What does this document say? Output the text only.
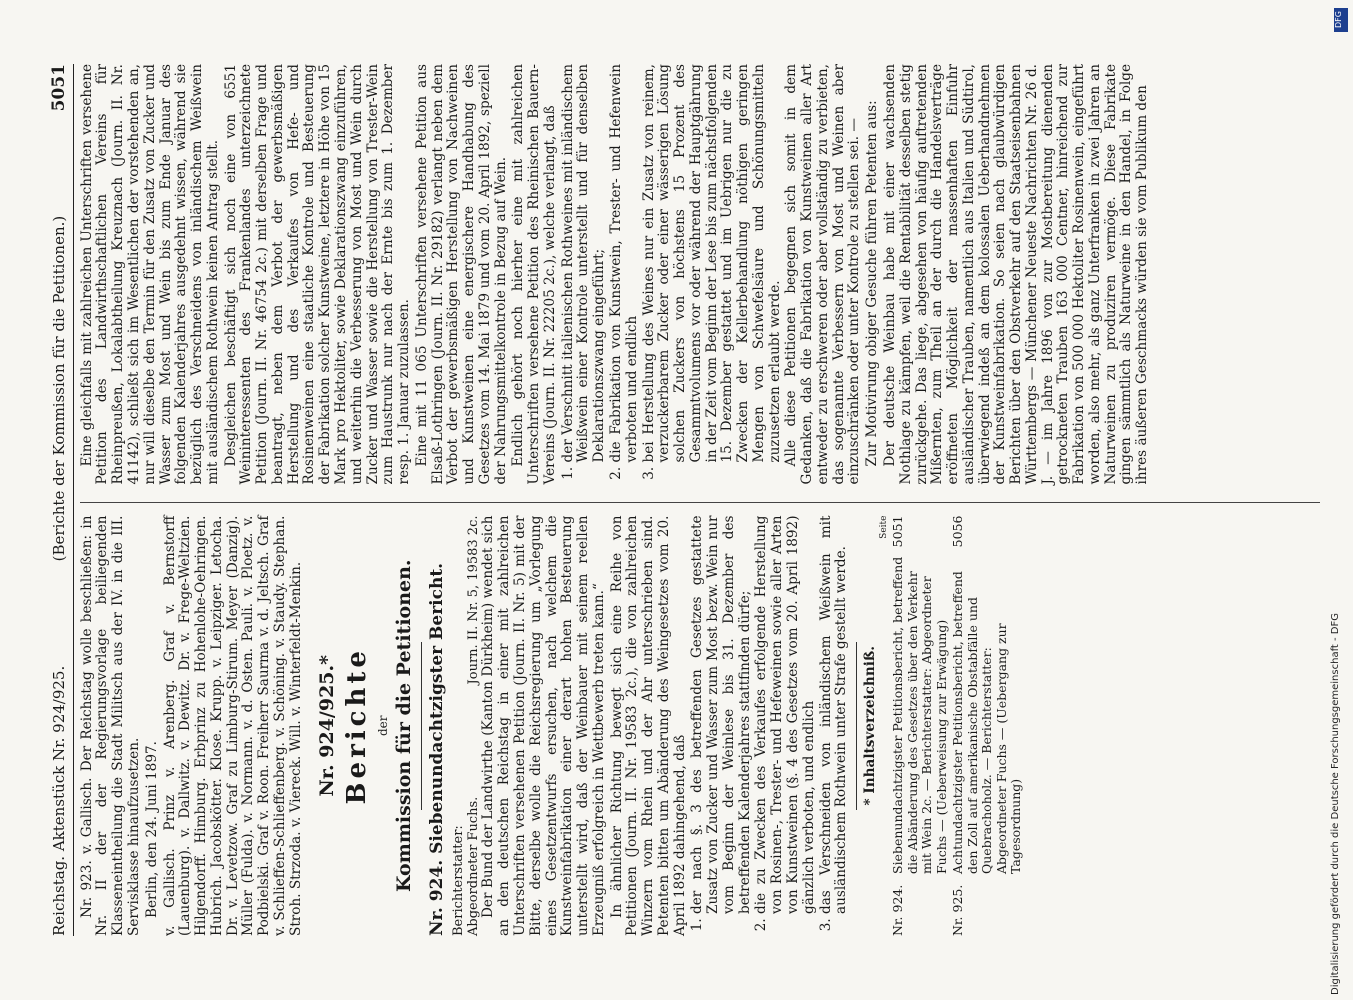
Reichstag. Aktenstück Nr. 924/925.
(Berichte der Kommission für die Petitionen.)
5051

Nr. 923. v. Gallisch. Der Reichstag wolle beschließen: in Nr. II der der Regierungsvorlage beiliegenden Klasseneintheilung die Stadt Militsch aus der IV. in die III. Servisklasse hinaufzusetzen. Berlin, den 24. Juni 1897. v. Gallisch. Prinz v. Arenberg. Graf v. Bernstorff (Lauenburg). v. Dallwitz. v. Dewitz. Dr. v. Frege-Weltzien. Hilgendorff. Himburg. Erbprinz zu Hohenlohe-Oehringen. Hubrich. Jacobskötter. Klose. Krupp. v. Leipziger. Letocha. Dr. v. Levetzow. Graf zu Limburg-Stirum. Meyer (Danzig). Müller (Fulda). v. Normann. v. d. Osten. Pauli. v. Ploetz. v. Podbielski. Graf v. Roon. Freiherr Saurma v. d. Jeltsch. Graf v. Schlieffen-Schlieffenberg. v. Schöning. v. Staudy. Stephan. Stroh. Strzoda. v. Viereck. Will. v. Winterfeldt-Menkin. Nr. 924/925.* Berichte der Kommission für die Petitionen. Nr. 924. Siebenundachtzigster Bericht. Berichterstatter: Abgeordneter Fuchs.
Journ. II. Nr. 5, 19583 2c. Der Bund der Landwirthe (Kanton Dürkheim) wendet sich an den deutschen Reichstag in einer mit zahlreichen Unterschriften versehenen Petition (Journ. II. Nr. 5) mit der Bitte, derselbe wolle die Reichsregierung um „Vorlegung eines Gesetzentwurfs ersuchen, nach welchem die Kunstweinfabrikation einer derart hohen Besteuerung unterstellt wird, daß der Weinbauer mit seinem reellen Erzeugniß erfolgreich in Wettbewerb treten kann.“ In ähnlicher Richtung bewegt sich eine Reihe von Petitionen (Journ. II. Nr. 19583 2c.), die von zahlreichen Winzern vom Rhein und der Ahr unterschrieben sind. Petenten bitten um Abänderung des Weingesetzes vom 20. April 1892 dahingehend, daß 1. der nach §. 3 des betreffenden Gesetzes gestattete Zusatz von Zucker und Wasser zum Most bezw. Wein nur vom Beginn der Weinlese bis 31. Dezember des betreffenden Kalenderjahres stattfinden dürfe; 2. die zu Zwecken des Verkaufes erfolgende Herstellung von Rosinen-, Trester- und Hefeweinen sowie aller Arten von Kunstweinen (§. 4 des Gesetzes vom 20. April 1892) gänzlich verboten, und endlich 3. das Verschneiden von inländischem Weißwein mit ausländischem Rothwein unter Strafe gestellt werde. * Inhaltsverzeichniß.
Seite
Nr. 924.
Siebenundachtzigster Petitionsbericht, betreffend die Abänderung des Gesetzes über den Verkehr mit Wein 2c. — Berichterstatter: Abgeordneter Fuchs — (Ueberweisung zur Erwägung)
5051
Nr. 925.
Achtundachtzigster Petitionsbericht, betreffend den Zoll auf amerikanische Obstabfälle und Quebrachoholz. — Berichterstatter: Abgeordneter Fuchs — (Uebergang zur Tagesordnung)
5056

Eine gleichfalls mit zahlreichen Unterschriften versehene Petition des Landwirthschaftlichen Vereins für Rheinpreußen, Lokalabtheilung Kreuznach (Journ. II. Nr. 41142), schließt sich im Wesentlichen der vorstehenden an, nur will dieselbe den Termin für den Zusatz von Zucker und Wasser zum Most und Wein bis zum Ende Januar des folgenden Kalenderjahres ausgedehnt wissen, während sie bezüglich des Verschneidens von inländischem Weißwein mit ausländischem Rothwein keinen Antrag stellt. Desgleichen beschäftigt sich noch eine von 6551 Weininteressenten des Frankenlandes unterzeichnete Petition (Journ. II. Nr. 46754 2c.) mit derselben Frage und beantragt, neben dem Verbot der gewerbsmäßigen Herstellung und des Verkaufes von Hefe- und Rosinenweinen eine staatliche Kontrole und Besteuerung der Fabrikation solcher Kunstweine, letztere in Höhe von 15 Mark pro Hektoliter, sowie Deklarationszwang einzuführen, und weiterhin die Verbesserung von Most und Wein durch Zucker und Wasser sowie die Herstellung von Trester-Wein zum Haustrunk nur nach der Ernte bis zum 1. Dezember resp. 1. Januar zuzulassen. Eine mit 11 065 Unterschriften versehene Petition aus Elsaß-Lothringen (Journ. II. Nr. 29182) verlangt neben dem Verbot der gewerbsmäßigen Herstellung von Nachweinen und Kunstweinen eine energischere Handhabung des Gesetzes vom 14. Mai 1879 und vom 20. April 1892, speziell der Nahrungsmittelkontrole in Bezug auf Wein. Endlich gehört noch hierher eine mit zahlreichen Unterschriften versehene Petition des Rheinischen Bauern-Vereins (Journ. II. Nr. 22205 2c.), welche verlangt, daß 1. der Verschnitt italienischen Rothweines mit inländischem Weißwein einer Kontrole unterstellt und für denselben Deklarationszwang eingeführt; 2. die Fabrikation von Kunstwein, Trester- und Hefenwein verboten und endlich 3. bei Herstellung des Weines nur ein Zusatz von reinem, verzuckerbarem Zucker oder einer wässerigen Lösung solchen Zuckers von höchstens 15 Prozent des Gesammtvolumens vor oder während der Hauptgährung in der Zeit vom Beginn der Lese bis zum nächstfolgenden 15. Dezember gestattet und im Uebrigen nur die zu Zwecken der Kellerbehandlung nöthigen geringen Mengen von Schwefelsäure und Schönungsmitteln zuzusetzen erlaubt werde. Alle diese Petitionen begegnen sich somit in dem Gedanken, daß die Fabrikation von Kunstweinen aller Art entweder zu erschweren oder aber vollständig zu verbieten, das sogenannte Verbessern von Most und Weinen aber einzuschränken oder unter Kontrole zu stellen sei. — Zur Motivirung obiger Gesuche führen Petenten aus: Der deutsche Weinbau habe mit einer wachsenden Nothlage zu kämpfen, weil die Rentabilität desselben stetig zurückgehe. Das liege, abgesehen von häufig auftretenden Mißernten, zum Theil an der durch die Handelsverträge eröffneten Möglichkeit der massenhaften Einfuhr ausländischer Trauben, namentlich aus Italien und Südtirol, überwiegend indeß an dem kolossalen Ueberhandnehmen der Kunstweinfabrikation. So seien nach glaubwürdigen Berichten über den Obstverkehr auf den Staatseisenbahnen Württembergs — Münchener Neueste Nachrichten Nr. 26 d. J. — im Jahre 1896 von zur Mostbereitung dienenden getrockneten Trauben 163 000 Centner, hinreichend zur Fabrikation von 500 000 Hektoliter Rosinenwein, eingeführt worden, also mehr, als ganz Unterfranken in zwei Jahren an Naturweinen zu produziren vermöge. Diese Fabrikate gingen sämmtlich als Naturweine in den Handel, in Folge ihres äußeren Geschmacks würden sie vom Publikum den

DFG
Digitalisierung gefördert durch die Deutsche Forschungsgemeinschaft - DFG
